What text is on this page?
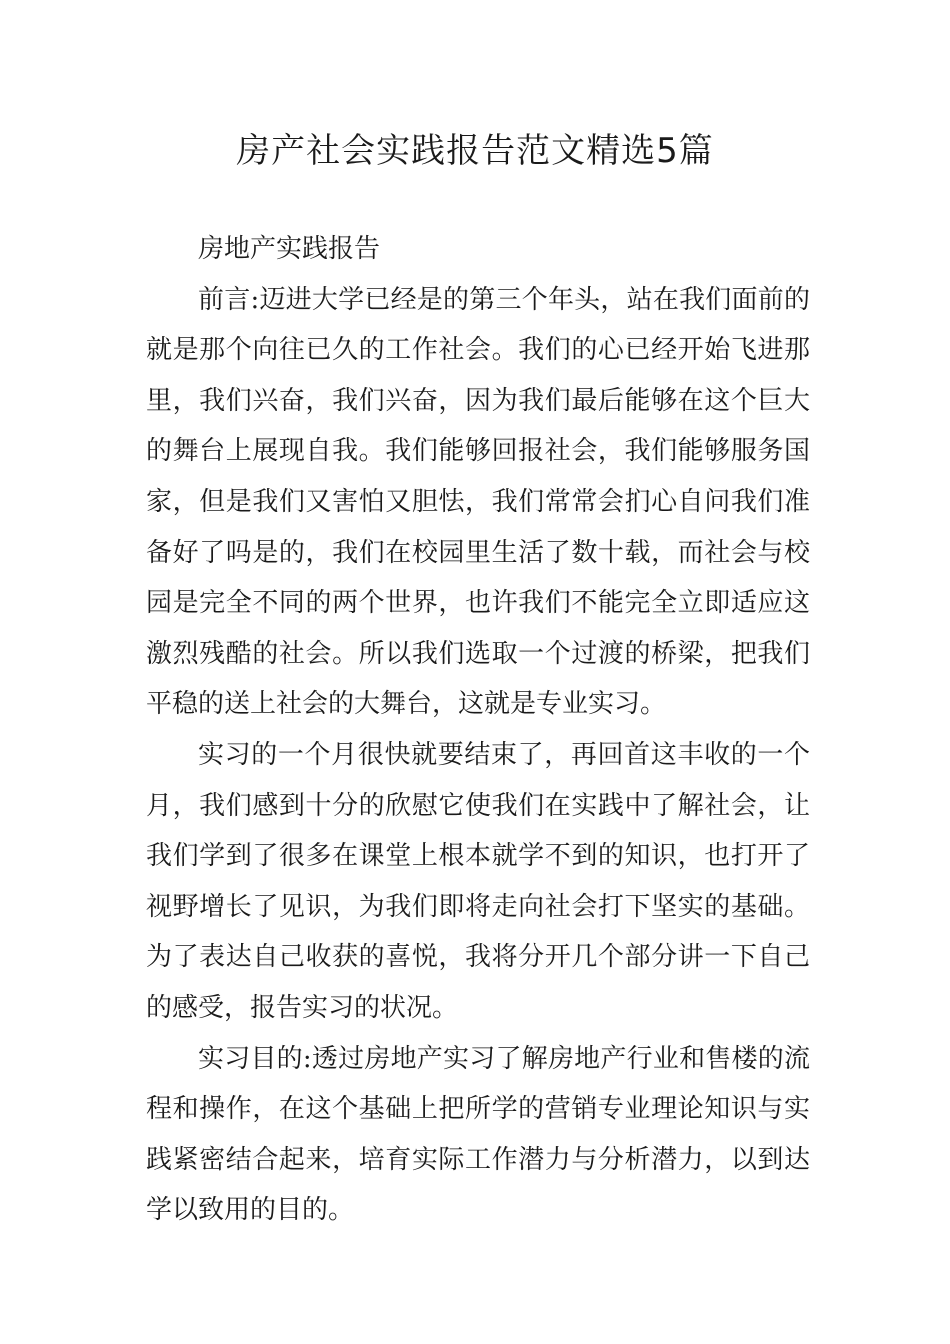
房产社会实践报告范文精选5篇

房地产实践报告

前言:迈进大学已经是的第三个年头，站在我们面前的就是那个向往已久的工作社会。我们的心已经开始飞进那里，我们兴奋，我们兴奋，因为我们最后能够在这个巨大的舞台上展现自我。我们能够回报社会，我们能够服务国家，但是我们又害怕又胆怯，我们常常会扪心自问我们准备好了吗是的，我们在校园里生活了数十载，而社会与校园是完全不同的两个世界，也许我们不能完全立即适应这激烈残酷的社会。所以我们选取一个过渡的桥梁，把我们平稳的送上社会的大舞台，这就是专业实习。

实习的一个月很快就要结束了，再回首这丰收的一个月，我们感到十分的欣慰它使我们在实践中了解社会，让我们学到了很多在课堂上根本就学不到的知识，也打开了视野增长了见识，为我们即将走向社会打下坚实的基础。为了表达自己收获的喜悦，我将分开几个部分讲一下自己的感受，报告实习的状况。

实习目的:透过房地产实习了解房地产行业和售楼的流程和操作，在这个基础上把所学的营销专业理论知识与实践紧密结合起来，培育实际工作潜力与分析潜力，以到达学以致用的目的。
